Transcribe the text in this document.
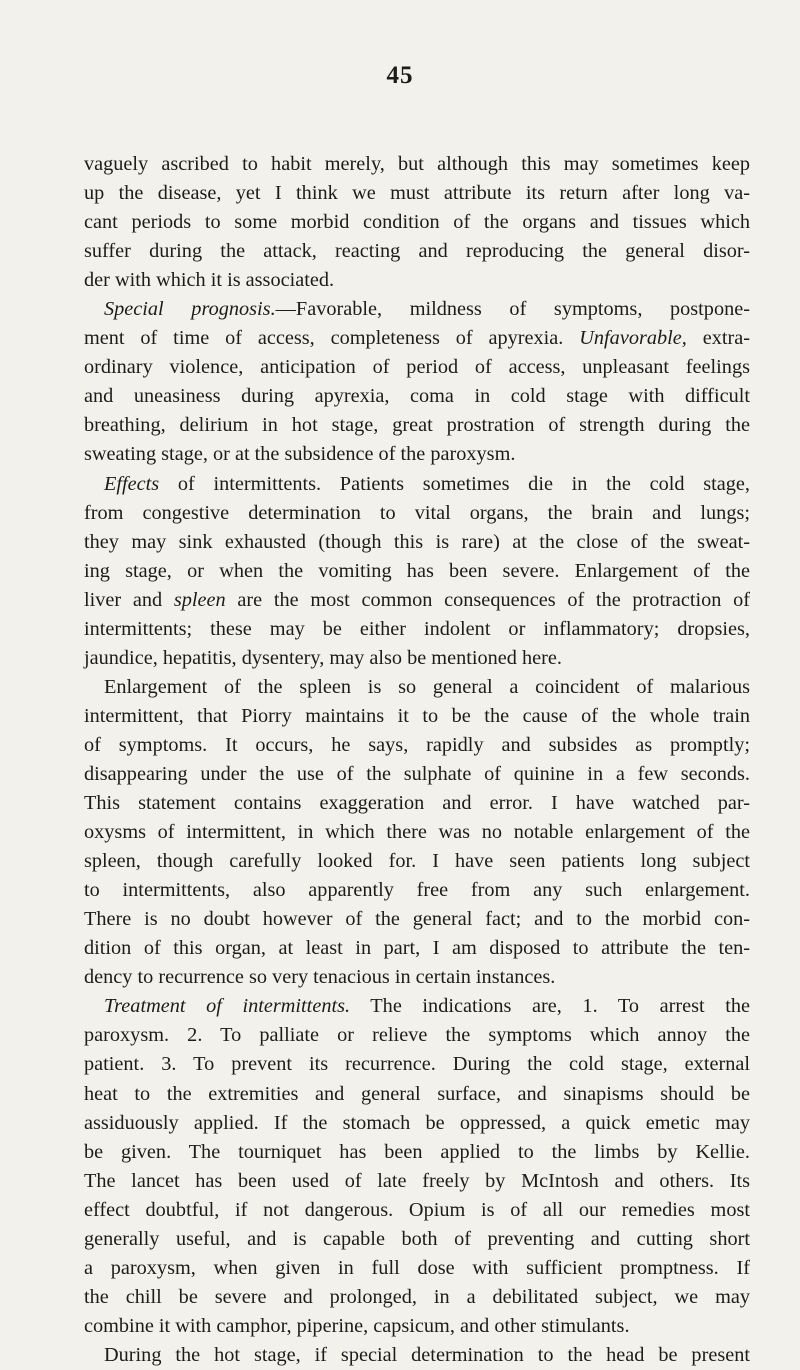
45
vaguely ascribed to habit merely, but although this may sometimes keep
up the disease, yet I think we must attribute its return after long va-
cant periods to some morbid condition of the organs and tissues which
suffer during the attack, reacting and reproducing the general disor-
der with which it is associated.
Special prognosis.—Favorable, mildness of symptoms, postpone-
ment of time of access, completeness of apyrexia. Unfavorable, extra-
ordinary violence, anticipation of period of access, unpleasant feelings
and uneasiness during apyrexia, coma in cold stage with difficult
breathing, delirium in hot stage, great prostration of strength during the
sweating stage, or at the subsidence of the paroxysm.
Effects of intermittents. Patients sometimes die in the cold stage,
from congestive determination to vital organs, the brain and lungs;
they may sink exhausted (though this is rare) at the close of the sweat-
ing stage, or when the vomiting has been severe. Enlargement of the
liver and spleen are the most common consequences of the protraction of
intermittents; these may be either indolent or inflammatory; dropsies,
jaundice, hepatitis, dysentery, may also be mentioned here.
Enlargement of the spleen is so general a coincident of malarious
intermittent, that Piorry maintains it to be the cause of the whole train
of symptoms. It occurs, he says, rapidly and subsides as promptly;
disappearing under the use of the sulphate of quinine in a few seconds.
This statement contains exaggeration and error. I have watched par-
oxysms of intermittent, in which there was no notable enlargement of the
spleen, though carefully looked for. I have seen patients long subject
to intermittents, also apparently free from any such enlargement.
There is no doubt however of the general fact; and to the morbid con-
dition of this organ, at least in part, I am disposed to attribute the ten-
dency to recurrence so very tenacious in certain instances.
Treatment of intermittents. The indications are, 1. To arrest the
paroxysm. 2. To palliate or relieve the symptoms which annoy the
patient. 3. To prevent its recurrence. During the cold stage, external
heat to the extremities and general surface, and sinapisms should be
assiduously applied. If the stomach be oppressed, a quick emetic may
be given. The tourniquet has been applied to the limbs by Kellie.
The lancet has been used of late freely by McIntosh and others. Its
effect doubtful, if not dangerous. Opium is of all our remedies most
generally useful, and is capable both of preventing and cutting short
a paroxysm, when given in full dose with sufficient promptness. If
the chill be severe and prolonged, in a debilitated subject, we may
combine it with camphor, piperine, capsicum, and other stimulants.
During the hot stage, if special determination to the head be present
